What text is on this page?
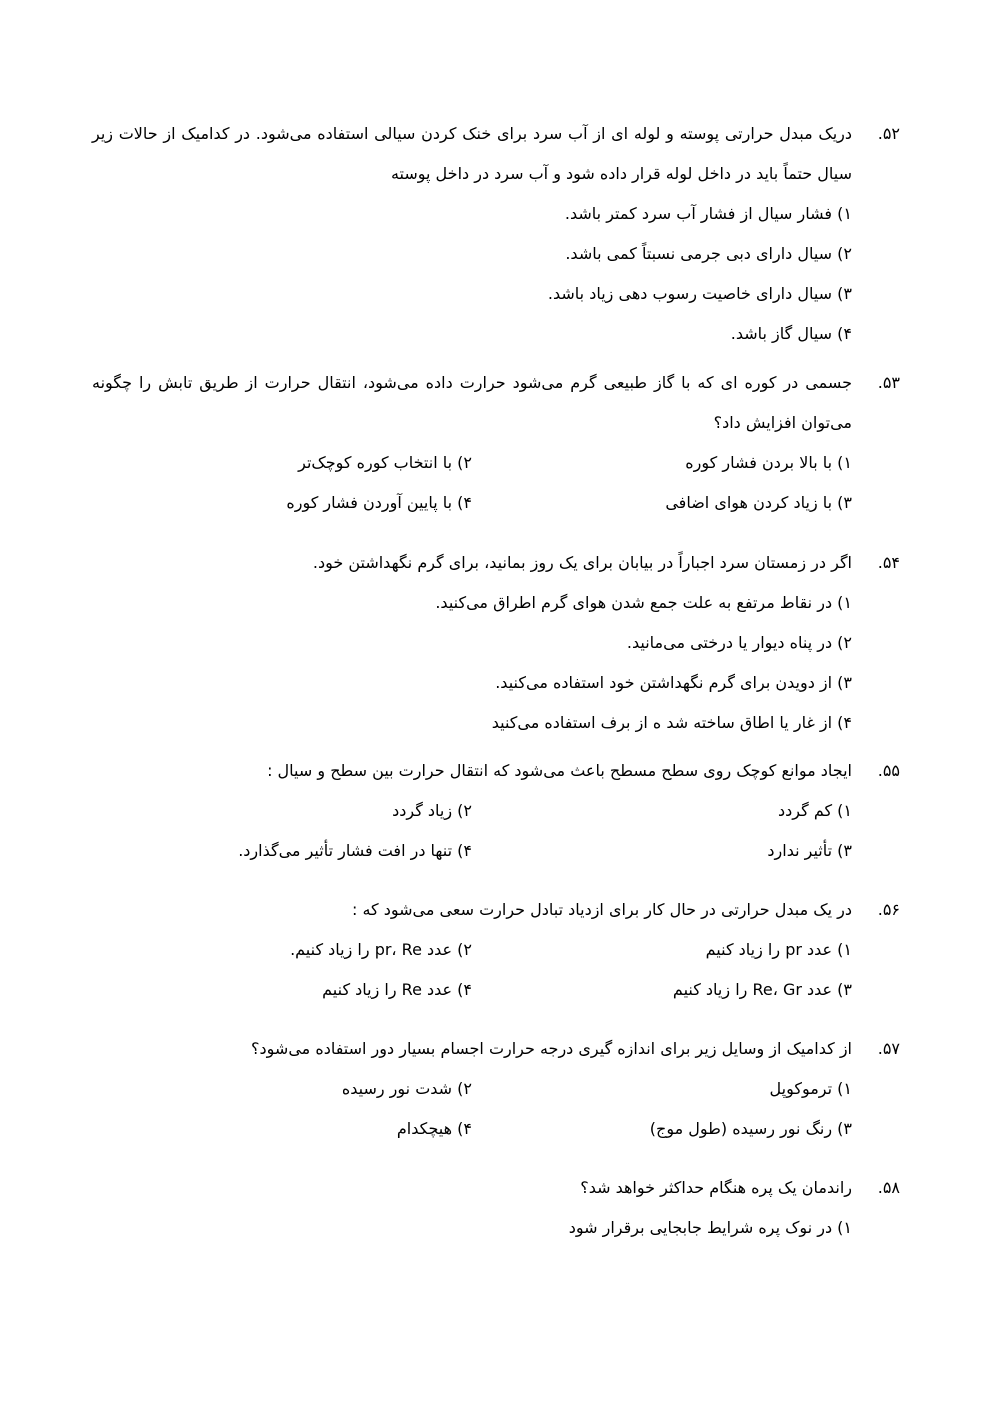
۵۲.
دریک مبدل حرارتی پوسته و لوله ای از آب سرد برای خنک کردن سیالی استفاده می‌شود. در کدامیک از حالات زیر سیال حتماً باید در داخل لوله قرار داده شود و آب سرد در داخل پوسته
۱) فشار سیال از فشار آب سرد کمتر باشد.
۲) سیال دارای دبی جرمی نسبتاً کمی باشد.
۳) سیال دارای خاصیت رسوب دهی زیاد باشد.
۴) سیال گاز باشد.
۵۳.
جسمی در کوره ای که با گاز طبیعی گرم می‌شود حرارت داده می‌شود، انتقال حرارت از طریق تابش را چگونه می‌توان افزایش داد؟
۱) با بالا بردن فشار کوره
۲) با انتخاب کوره کوچک‌تر
۳) با زیاد کردن هوای اضافی
۴) با پایین آوردن فشار کوره
۵۴.
اگر در زمستان سرد اجباراً در بیابان برای یک روز بمانید، برای گرم نگهداشتن خود.
۱) در نقاط مرتفع به علت جمع شدن هوای گرم اطراق می‌کنید.
۲) در پناه دیوار یا درختی می‌مانید.
۳) از دویدن برای گرم نگهداشتن خود استفاده می‌کنید.
۴) از غار یا اطاق ساخته شد ه از برف استفاده می‌کنید
۵۵.
ایجاد موانع کوچک روی سطح مسطح باعث می‌شود که انتقال حرارت بین سطح و سیال :
۱) کم گردد
۲) زیاد گردد
۳) تأثیر ندارد
۴) تنها در افت فشار تأثیر می‌گذارد.
۵۶.
در یک مبدل حرارتی در حال کار برای ازدیاد تبادل حرارت سعی می‌شود که :
۱) عدد pr را زیاد کنیم
۲) عدد pr، Re را زیاد کنیم.
۳) عدد Re، Gr را زیاد کنیم
۴) عدد Re را زیاد کنیم
۵۷.
از کدامیک از وسایل زیر برای اندازه گیری درجه حرارت اجسام بسیار دور استفاده می‌شود؟
۱) ترموکوپل
۲) شدت نور رسیده
۳) رنگ نور رسیده (طول موج)
۴) هیچکدام
۵۸.
راندمان یک پره هنگام حداکثر خواهد شد؟
۱) در نوک پره شرایط جابجایی برقرار شود
